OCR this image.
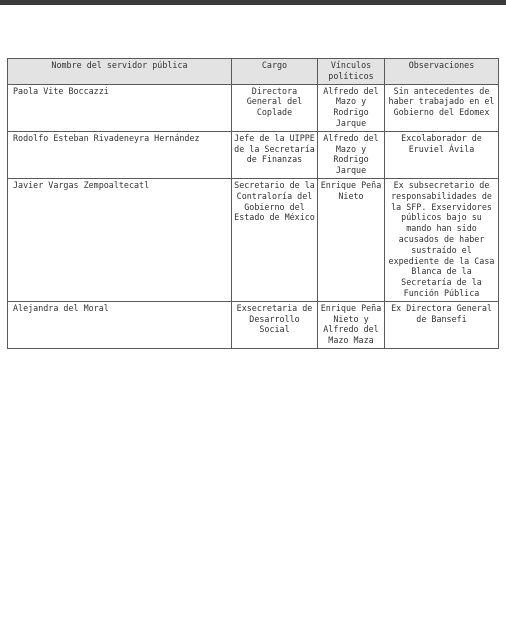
Nombre del servidor pública	Cargo	Vínculos políticos	Observaciones
Paola Vite Boccazzi	Directora General del Coplade	Alfredo del Mazo y Rodrigo Jarque	Sin antecedentes de haber trabajado en el Gobierno del Edomex
Rodolfo Esteban Rivadeneyra Hernández	Jefe de la UIPPE de la Secretaría de Finanzas	Alfredo del Mazo y Rodrigo Jarque	Excolaborador de Eruviel Ávila
Javier Vargas Zempoaltecatl	Secretario de la Contraloría del Gobierno del Estado de México	Enrique Peña Nieto	Ex subsecretario de responsabilidades de la SFP. Exservidores públicos bajo su mando han sido acusados de haber sustraído el expediente de la Casa Blanca de la Secretaría de la Función Pública
Alejandra del Moral	Exsecretaria de Desarrollo Social	Enrique Peña Nieto y Alfredo del Mazo Maza	Ex Directora General de Bansefi
